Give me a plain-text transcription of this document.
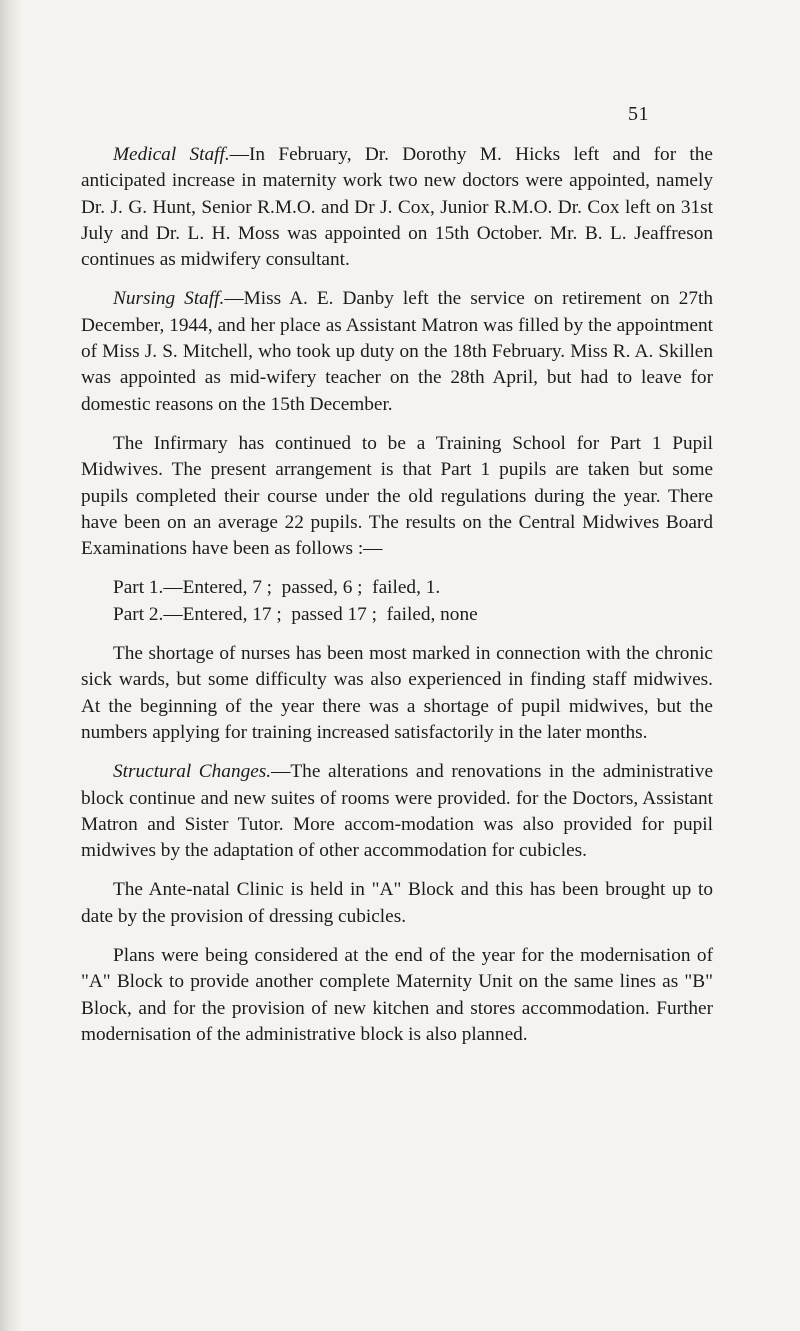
51

Medical Staff.—In February, Dr. Dorothy M. Hicks left and for the anticipated increase in maternity work two new doctors were appointed, namely Dr. J. G. Hunt, Senior R.M.O. and Dr J. Cox, Junior R.M.O. Dr. Cox left on 31st July and Dr. L. H. Moss was appointed on 15th October. Mr. B. L. Jeaffreson continues as midwifery consultant.

Nursing Staff.—Miss A. E. Danby left the service on retirement on 27th December, 1944, and her place as Assistant Matron was filled by the appointment of Miss J. S. Mitchell, who took up duty on the 18th February. Miss R. A. Skillen was appointed as mid-wifery teacher on the 28th April, but had to leave for domestic reasons on the 15th December.

The Infirmary has continued to be a Training School for Part 1 Pupil Midwives. The present arrangement is that Part 1 pupils are taken but some pupils completed their course under the old regulations during the year. There have been on an average 22 pupils. The results on the Central Midwives Board Examinations have been as follows :—

Part 1.—Entered, 7 ;  passed, 6 ;  failed, 1.
Part 2.—Entered, 17 ;  passed 17 ;  failed, none

The shortage of nurses has been most marked in connection with the chronic sick wards, but some difficulty was also experienced in finding staff midwives. At the beginning of the year there was a shortage of pupil midwives, but the numbers applying for training increased satisfactorily in the later months.

Structural Changes.—The alterations and renovations in the administrative block continue and new suites of rooms were provided. for the Doctors, Assistant Matron and Sister Tutor. More accom-modation was also provided for pupil midwives by the adaptation of other accommodation for cubicles.

The Ante-natal Clinic is held in "A" Block and this has been brought up to date by the provision of dressing cubicles.

Plans were being considered at the end of the year for the modernisation of "A" Block to provide another complete Maternity Unit on the same lines as "B" Block, and for the provision of new kitchen and stores accommodation. Further modernisation of the administrative block is also planned.
